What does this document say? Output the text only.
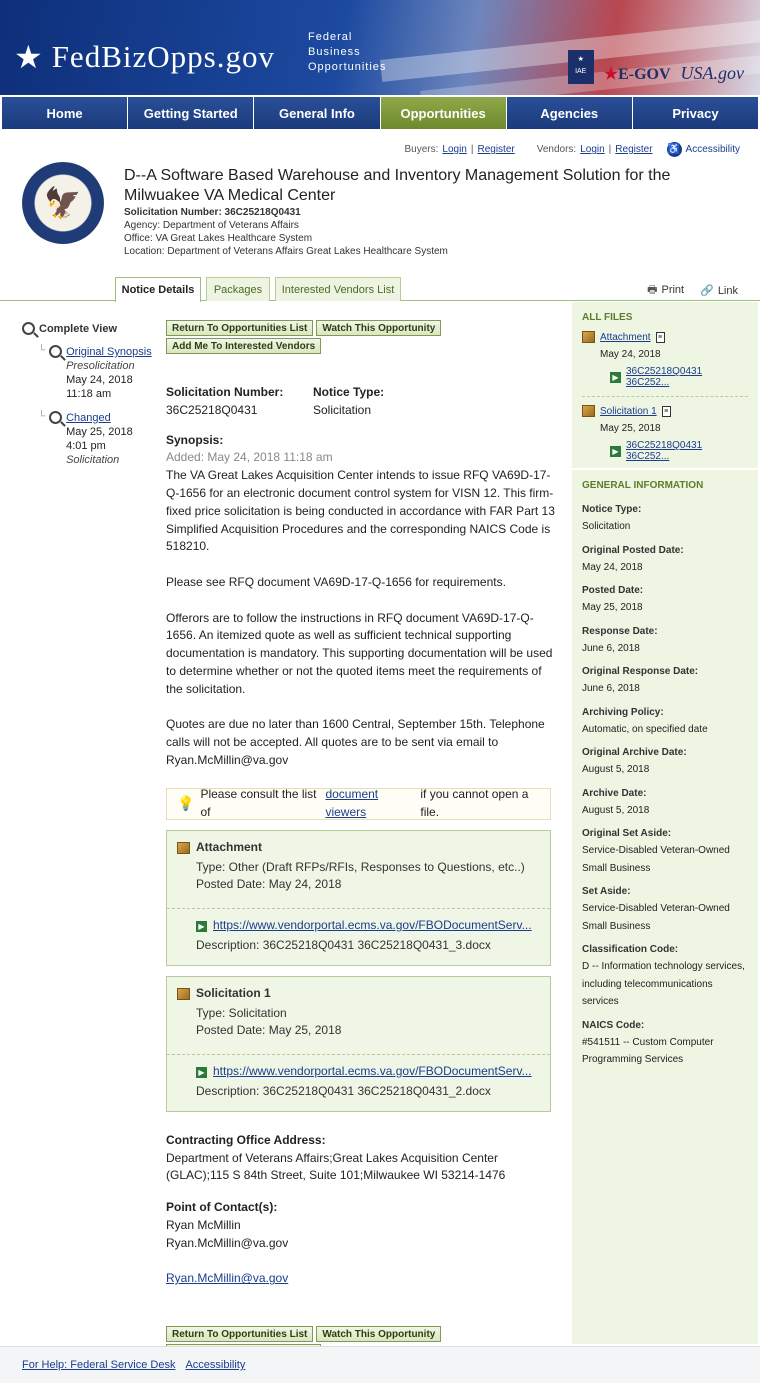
★ FedBizOpps.gov
Federal
Business
Opportunities
★
IAE	★E-GOV USA.gov
Home	Getting Started	General Info	Opportunities	Agencies	Privacy
Buyers: Login | Register Vendors: Login | Register ♿ Accessibility
🦅
D--A Software Based Warehouse and Inventory Management Solution for the Milwuakee VA Medical Center
Solicitation Number: 36C25218Q0431
Agency: Department of Veterans Affairs
Office: VA Great Lakes Healthcare System
Location: Department of Veterans Affairs Great Lakes Healthcare System
Notice Details	Packages	Interested Vendors List	🖶 Print 🔗 Link
Complete View
└ Original Synopsis
Presolicitation
May 24, 2018
11:18 am
└ Changed
May 25, 2018
4:01 pm
Solicitation
Return To Opportunities List	Watch This Opportunity
Add Me To Interested Vendors
Solicitation Number:
36C25218Q0431
Notice Type:
Solicitation
Synopsis:
Added: May 24, 2018 11:18 am
The VA Great Lakes Acquisition Center intends to issue RFQ VA69D-17-Q-1656 for an electronic document control system for VISN 12. This firm-fixed price solicitation is being conducted in accordance with FAR Part 13 Simplified Acquisition Procedures and the corresponding NAICS Code is 518210.
Please see RFQ document VA69D-17-Q-1656 for requirements.
Offerors are to follow the instructions in RFQ document VA69D-17-Q-1656. An itemized quote as well as sufficient technical supporting documentation is mandatory. This supporting documentation will be used to determine whether or not the quoted items meet the requirements of the solicitation.
Quotes are due no later than 1600 Central, September 15th. Telephone calls will not be accepted. All quotes are to be sent via email to Ryan.McMillin@va.gov
💡
Please consult the list of
document viewers
if you cannot open a file.
Attachment
Type: Other (Draft RFPs/RFIs, Responses to Questions, etc..)
Posted Date: May 24, 2018
▶ https://www.vendorportal.ecms.va.gov/FBODocumentServ...
Description: 36C25218Q0431 36C25218Q0431_3.docx
Solicitation 1
Type: Solicitation
Posted Date: May 25, 2018
▶ https://www.vendorportal.ecms.va.gov/FBODocumentServ...
Description: 36C25218Q0431 36C25218Q0431_2.docx
Contracting Office Address:
Department of Veterans Affairs;Great Lakes Acquisition Center (GLAC);115 S 84th Street, Suite 101;Milwaukee WI 53214-1476
Point of Contact(s):
Ryan McMillin
Ryan.McMillin@va.gov
Ryan.McMillin@va.gov
Return To Opportunities List	Watch This Opportunity
ALL FILES
Attachment	≡
May 24, 2018
▶ 36C25218Q0431 36C252...
Solicitation 1	≡
May 25, 2018
▶ 36C25218Q0431 36C252...
GENERAL INFORMATION
Notice Type:
Solicitation
Original Posted Date:
May 24, 2018
Posted Date:
May 25, 2018
Response Date:
June 6, 2018
Original Response Date:
June 6, 2018
Archiving Policy:
Automatic, on specified date
Original Archive Date:
August 5, 2018
Archive Date:
August 5, 2018
Original Set Aside:
Service-Disabled Veteran-Owned Small Business
Set Aside:
Service-Disabled Veteran-Owned Small Business
Classification Code:
D -- Information technology services, including telecommunications services
NAICS Code:
#541511 -- Custom Computer Programming Services
For Help: Federal Service Desk Accessibility
